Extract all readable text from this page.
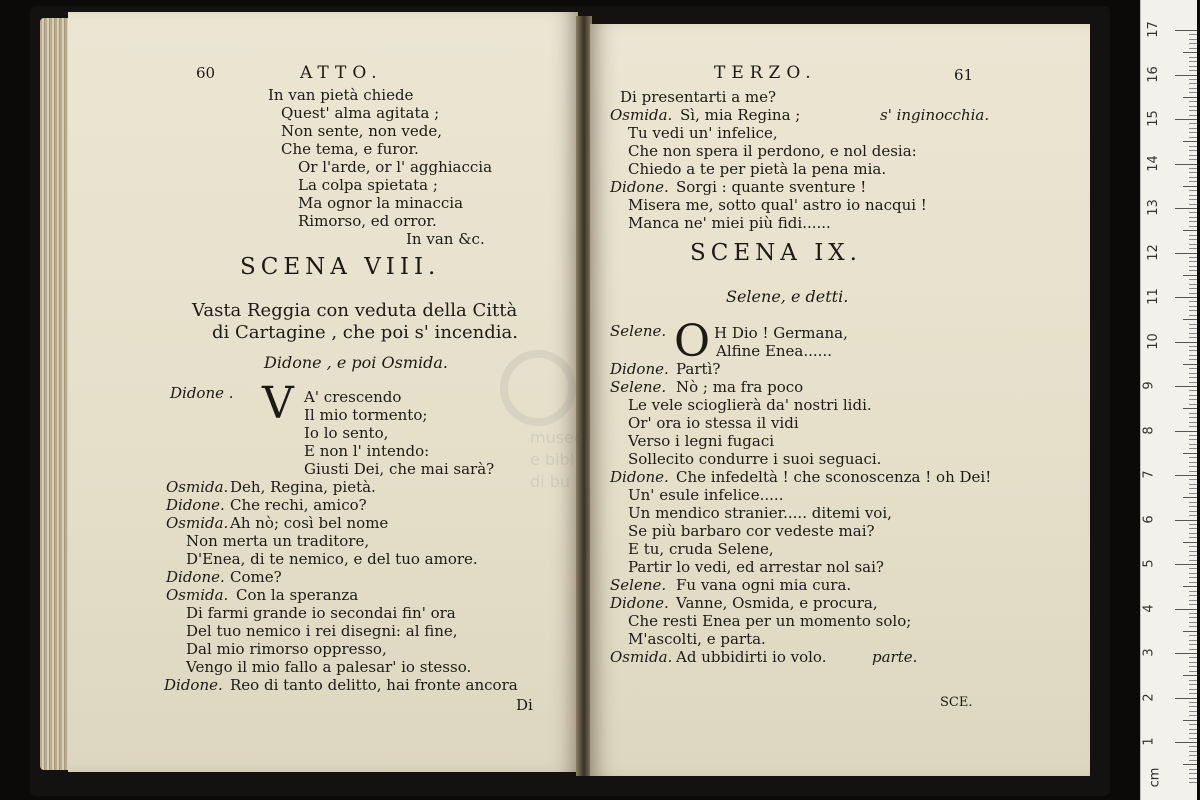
60	ATTO.
In van pietà chiede
Quest' alma agitata ;
Non sente, non vede,
Che tema, e furor.
Or l'arde, or l' agghiaccia
La colpa spietata ;
Ma ognor la minaccia
Rimorso, ed orror.
In van &c.
SCENA VIII.
Vasta Reggia con veduta della Città
di Cartagine , che poi s' incendia.
Didone , e poi Osmida.
Didone . V A' crescendo
Il mio tormento;
Io lo sento,
E non l' intendo:
Giusti Dei, che mai sarà?
Osmida. Deh, Regina, pietà.
Didone. Che rechi, amico?
Osmida. Ah nò; così bel nome
Non merta un traditore,
D'Enea, di te nemico, e del tuo amore.
Didone. Come?
Osmida. Con la speranza
Di farmi grande io secondai fin' ora
Del tuo nemico i rei disegni: al fine,
Dal mio rimorso oppresso,
Vengo il mio fallo a palesar' io stesso.
Didone. Reo di tanto delitto, hai fronte ancora
Di
TERZO.	61
Di presentarti a me?
Osmida. Sì, mia Regina ;	s' inginocchia.
Tu vedi un' infelice,
Che non spera il perdono, e nol desia:
Chiedo a te per pietà la pena mia.
Didone. Sorgi : quante sventure !
Misera me, sotto qual' astro io nacqui !
Manca ne' miei più fidi......
SCENA IX.
Selene, e detti.
Selene. O H Dio ! Germana,
Alfine Enea......
Didone. Partì?
Selene. Nò ; ma fra poco
Le vele scioglierà da' nostri lidi.
Or' ora io stessa il vidi
Verso i legni fugaci
Sollecito condurre i suoi seguaci.
Didone. Che infedeltà ! che sconoscenza ! oh Dei!
Un' esule infelice.....
Un mendico stranier..... ditemi voi,
Se più barbaro cor vedeste mai?
E tu, cruda Selene,
Partir lo vedi, ed arrestar nol sai?
Selene. Fu vana ogni mia cura.
Didone. Vanne, Osmida, e procura,
Che resti Enea per un momento solo;
M'ascolti, e parta.
Osmida. Ad ubbidirti io volo.	parte.
SCE.
museo
e bibl
di bu
cm
17
16
15
14
13
12
11
10
9
8
7
6
5
4
3
2
1
